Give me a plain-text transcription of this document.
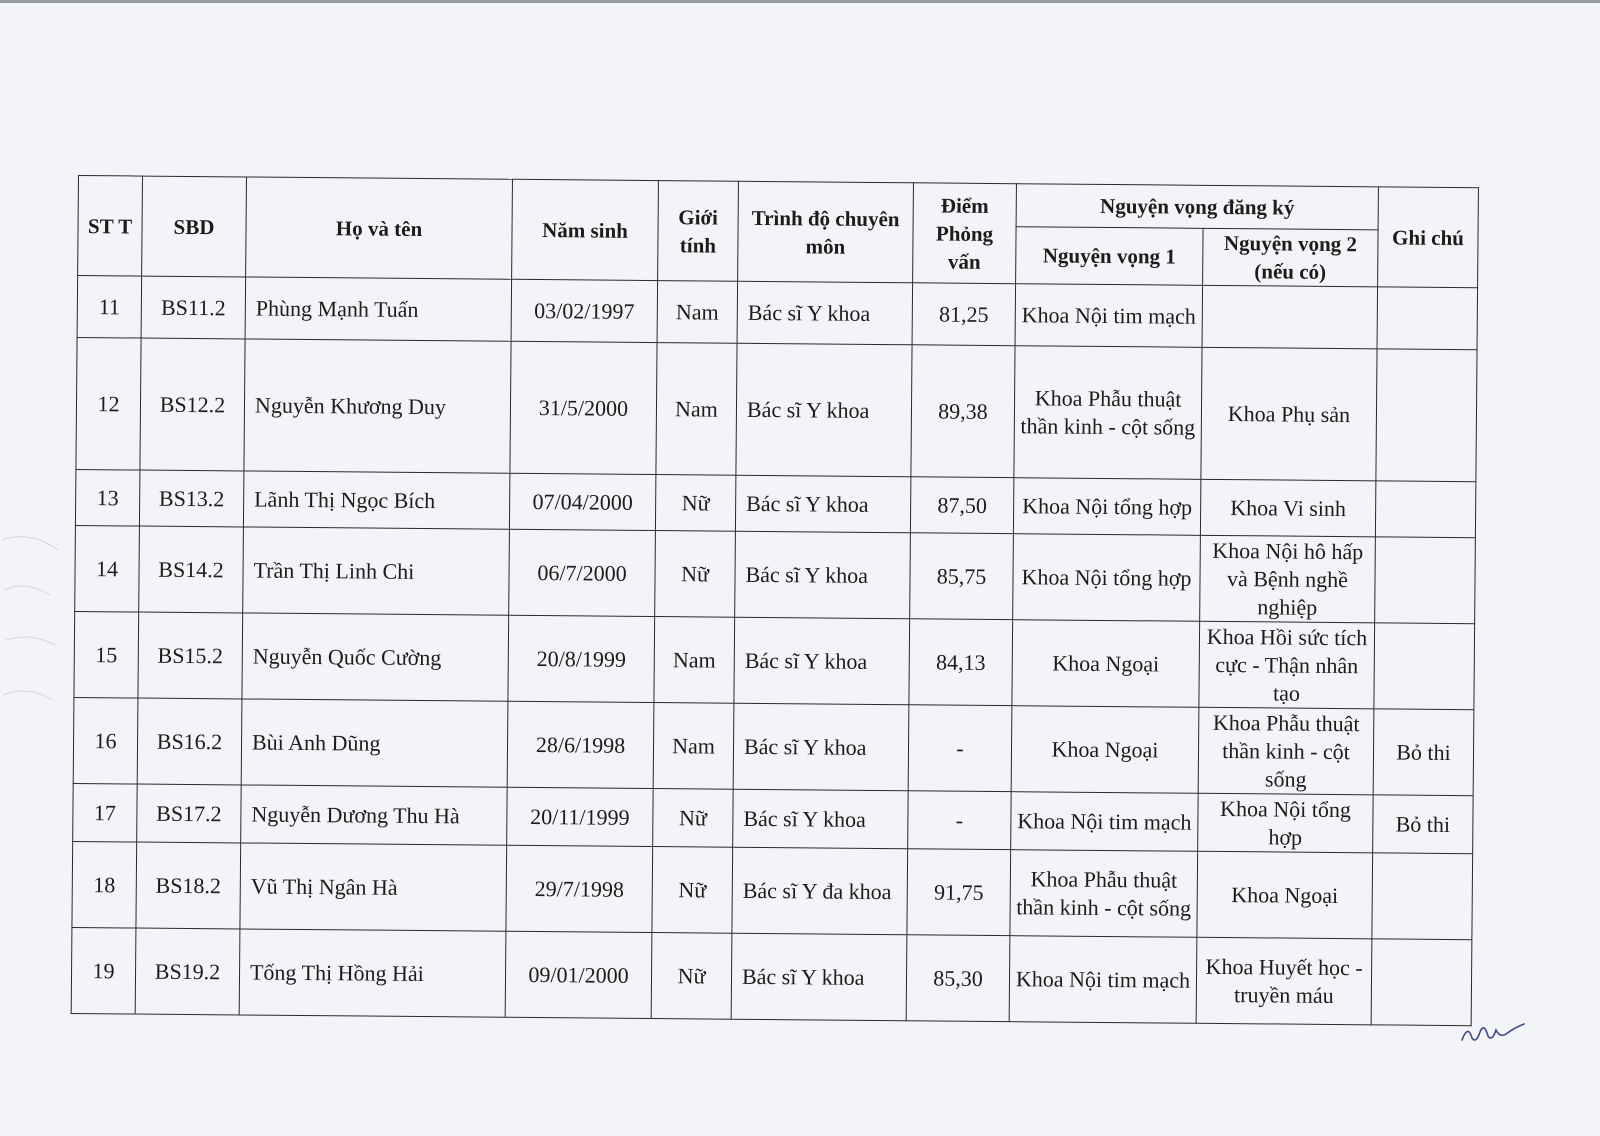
ST T	SBD	Họ và tên	Năm sinh	Giới tính	Trình độ chuyên môn	Điểm Phỏng vấn	Nguyện vọng đăng ký		Ghi chú
							Nguyện vọng 1	Nguyện vọng 2 (nếu có)	
11	BS11.2	Phùng Mạnh Tuấn	03/02/1997	Nam	Bác sĩ Y khoa	81,25	Khoa Nội tim mạch		
12	BS12.2	Nguyễn Khương Duy	31/5/2000	Nam	Bác sĩ Y khoa	89,38	Khoa Phẫu thuật thần kinh - cột sống	Khoa Phụ sản	
13	BS13.2	Lãnh Thị Ngọc Bích	07/04/2000	Nữ	Bác sĩ Y khoa	87,50	Khoa Nội tổng hợp	Khoa Vi sinh	
14	BS14.2	Trần Thị Linh Chi	06/7/2000	Nữ	Bác sĩ Y khoa	85,75	Khoa Nội tổng hợp	Khoa Nội hô hấp và Bệnh nghề nghiệp	
15	BS15.2	Nguyễn Quốc Cường	20/8/1999	Nam	Bác sĩ Y khoa	84,13	Khoa Ngoại	Khoa Hồi sức tích cực - Thận nhân tạo	
16	BS16.2	Bùi Anh Dũng	28/6/1998	Nam	Bác sĩ Y khoa	-	Khoa Ngoại	Khoa Phẫu thuật thần kinh - cột sống	Bỏ thi
17	BS17.2	Nguyễn Dương Thu Hà	20/11/1999	Nữ	Bác sĩ Y khoa	-	Khoa Nội tim mạch	Khoa Nội tổng hợp	Bỏ thi
18	BS18.2	Vũ Thị Ngân Hà	29/7/1998	Nữ	Bác sĩ Y đa khoa	91,75	Khoa Phẫu thuật thần kinh - cột sống	Khoa Ngoại	
19	BS19.2	Tống Thị Hồng Hải	09/01/2000	Nữ	Bác sĩ Y khoa	85,30	Khoa Nội tim mạch	Khoa Huyết học - truyền máu	
